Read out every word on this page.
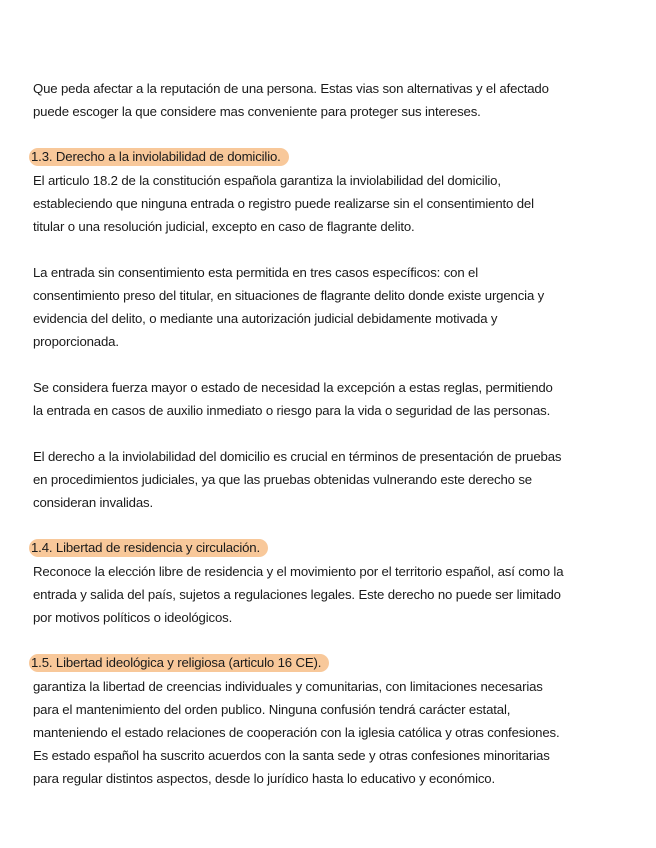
Que peda afectar a la reputación de una persona. Estas vias son alternativas y el afectado
puede escoger la que considere mas conveniente para proteger sus intereses.
1.3. Derecho a la inviolabilidad de domicilio.
El articulo 18.2 de la constitución española garantiza la inviolabilidad del domicilio,
estableciendo que ninguna entrada o registro puede realizarse sin el consentimiento del
titular o una resolución judicial, excepto en caso de flagrante delito.
La entrada sin consentimiento esta permitida en tres casos específicos: con el
consentimiento preso del titular, en situaciones de flagrante delito donde existe urgencia y
evidencia del delito, o mediante una autorización judicial debidamente motivada y
proporcionada.
Se considera fuerza mayor o estado de necesidad la excepción a estas reglas, permitiendo
la entrada en casos de auxilio inmediato o riesgo para la vida o seguridad de las personas.
El derecho a la inviolabilidad del domicilio es crucial en términos de presentación de pruebas
en procedimientos judiciales, ya que las pruebas obtenidas vulnerando este derecho se
consideran invalidas.
1.4. Libertad de residencia y circulación.
Reconoce la elección libre de residencia y el movimiento por el territorio español, así como la
entrada y salida del país, sujetos a regulaciones legales. Este derecho no puede ser limitado
por motivos políticos o ideológicos.
1.5. Libertad ideológica y religiosa (articulo 16 CE).
garantiza la libertad de creencias individuales y comunitarias, con limitaciones necesarias
para el mantenimiento del orden publico. Ninguna confusión tendrá carácter estatal,
manteniendo el estado relaciones de cooperación con la iglesia católica y otras confesiones.
Es estado español ha suscrito acuerdos con la santa sede y otras confesiones minoritarias
para regular distintos aspectos, desde lo jurídico hasta lo educativo y económico.
